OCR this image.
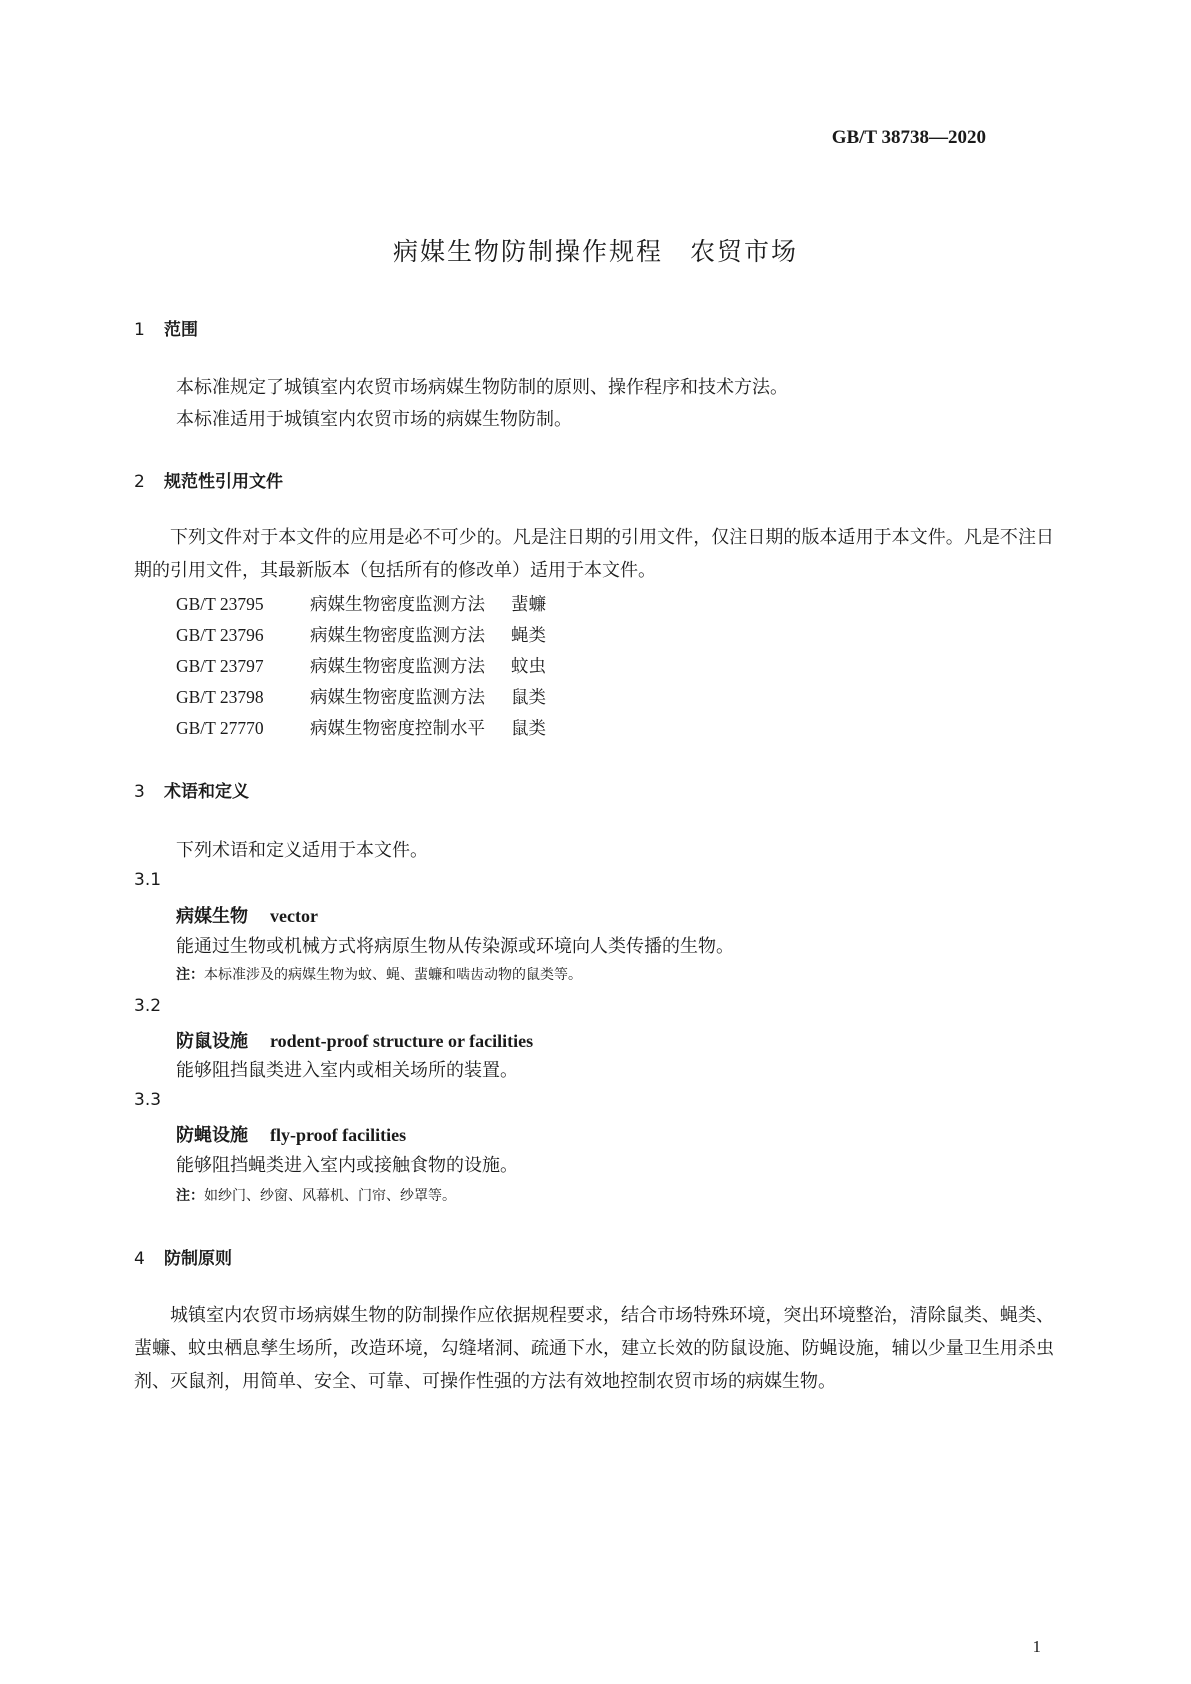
GB/T 38738—2020
病媒生物防制操作规程　农贸市场
1 范围
本标准规定了城镇室内农贸市场病媒生物防制的原则、操作程序和技术方法。
本标准适用于城镇室内农贸市场的病媒生物防制。
2 规范性引用文件

下列文件对于本文件的应用是必不可少的。凡是注日期的引用文件，仅注日期的版本适用于本文件。凡是不注日期的引用文件，其最新版本（包括所有的修改单）适用于本文件。

GB/T 23795	病媒生物密度监测方法 蜚蠊
GB/T 23796	病媒生物密度监测方法 蝇类
GB/T 23797	病媒生物密度监测方法 蚊虫
GB/T 23798	病媒生物密度监测方法 鼠类
GB/T 27770	病媒生物密度控制水平 鼠类
3 术语和定义
下列术语和定义适用于本文件。
3.1
病媒生物 vector
能通过生物或机械方式将病原生物从传染源或环境向人类传播的生物。
注：本标准涉及的病媒生物为蚊、蝇、蜚蠊和啮齿动物的鼠类等。
3.2
防鼠设施 rodent-proof structure or facilities
能够阻挡鼠类进入室内或相关场所的装置。
3.3
防蝇设施 fly-proof facilities
能够阻挡蝇类进入室内或接触食物的设施。
注：如纱门、纱窗、风幕机、门帘、纱罩等。
4 防制原则

城镇室内农贸市场病媒生物的防制操作应依据规程要求，结合市场特殊环境，突出环境整治，清除鼠类、蝇类、蜚蠊、蚊虫栖息孳生场所，改造环境，勾缝堵洞、疏通下水，建立长效的防鼠设施、防蝇设施，辅以少量卫生用杀虫剂、灭鼠剂，用简单、安全、可靠、可操作性强的方法有效地控制农贸市场的病媒生物。

1
